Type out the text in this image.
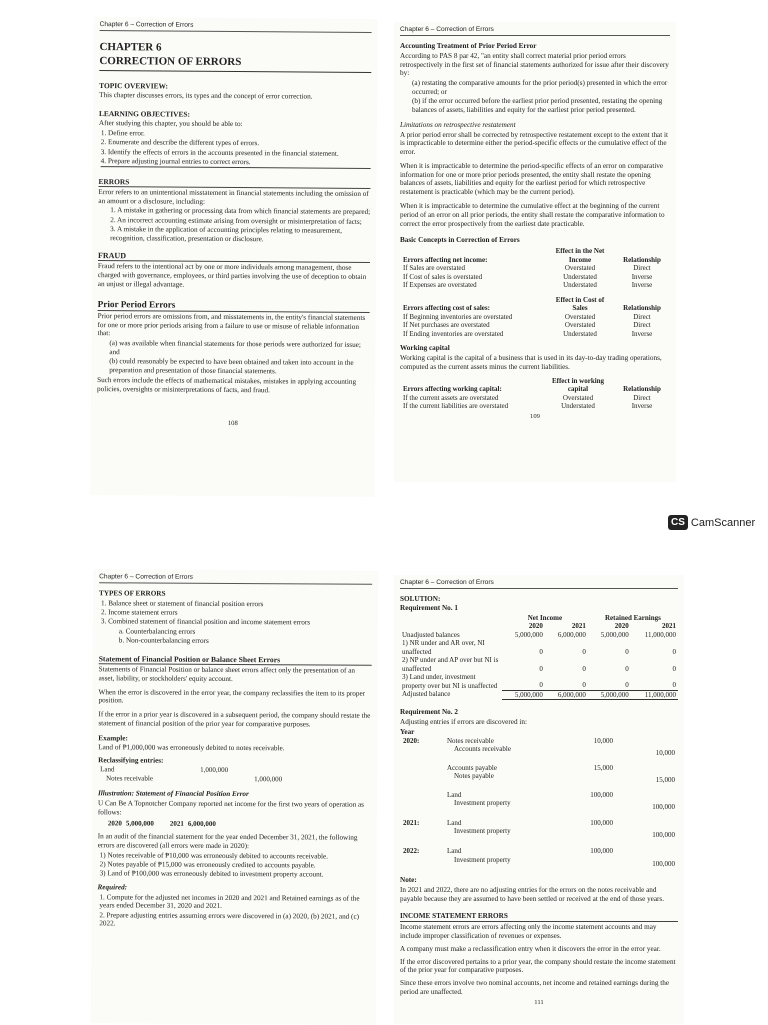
Chapter 6 – Correction of Errors
CHAPTER 6
CORRECTION OF ERRORS
TOPIC OVERVIEW:

This chapter discusses errors, its types and the concept of error correction.

LEARNING OBJECTIVES:

After studying this chapter, you should be able to:

1. Define error.
2. Enumerate and describe the different types of errors.
3. Identify the effects of errors in the accounts presented in the financial statement.
4. Prepare adjusting journal entries to correct errors.
ERRORS

Error refers to an unintentional misstatement in financial statements including the omission of an amount or a disclosure, including:

1. A mistake in gathering or processing data from which financial statements are prepared;
2. An incorrect accounting estimate arising from oversight or misinterpretation of facts;
3. A mistake in the application of accounting principles relating to measurement, recognition, classification, presentation or disclosure.
FRAUD

Fraud refers to the intentional act by one or more individuals among management, those charged with governance, employees, or third parties involving the use of deception to obtain an unjust or illegal advantage.

Prior Period Errors

Prior period errors are omissions from, and misstatements in, the entity's financial statements for one or more prior periods arising from a failure to use or misuse of reliable information that:

(a) was available when financial statements for those periods were authorized for issue; and
(b) could reasonably be expected to have been obtained and taken into account in the preparation and presentation of those financial statements.

Such errors include the effects of mathematical mistakes, mistakes in applying accounting policies, oversights or misinterpretations of facts, and fraud.

108
Chapter 6 – Correction of Errors
Accounting Treatment of Prior Period Error

According to PAS 8 par 42, "an entity shall correct material prior period errors retrospectively in the first set of financial statements authorized for issue after their discovery by:

(a) restating the comparative amounts for the prior period(s) presented in which the error occurred; or
(b) if the error occurred before the earliest prior period presented, restating the opening balances of assets, liabilities and equity for the earliest prior period presented.
Limitations on retrospective restatement

A prior period error shall be corrected by retrospective restatement except to the extent that it is impracticable to determine either the period-specific effects or the cumulative effect of the error.

When it is impracticable to determine the period-specific effects of an error on comparative information for one or more prior periods presented, the entity shall restate the opening balances of assets, liabilities and equity for the earliest period for which retrospective restatement is practicable (which may be the current period).

When it is impracticable to determine the cumulative effect at the beginning of the current period of an error on all prior periods, the entity shall restate the comparative information to correct the error prospectively from the earliest date practicable.

Basic Concepts in Correction of Errors
Errors affecting net income:	Effect in the Net Income	Relationship
If Sales are overstated	Overstated	Direct
If Cost of sales is overstated	Understated	Inverse
If Expenses are overstated	Understated	Inverse
Errors affecting cost of sales:	Effect in Cost of Sales	Relationship
If Beginning inventories are overstated	Overstated	Direct
If Net purchases are overstated	Overstated	Direct
If Ending inventories are overstated	Understated	Inverse
Working capital

Working capital is the capital of a business that is used in its day-to-day trading operations, computed as the current assets minus the current liabilities.

Errors affecting working capital:	Effect in working capital	Relationship
If the current assets are overstated	Overstated	Direct
If the current liabilities are overstated	Understated	Inverse
109
CS CamScanner
Chapter 6 – Correction of Errors
TYPES OF ERRORS
1. Balance sheet or statement of financial position errors
2. Income statement errors
3. Combined statement of financial position and income statement errors
a. Counterbalancing errors
b. Non-counterbalancing errors
Statement of Financial Position or Balance Sheet Errors

Statements of Financial Position or balance sheet errors affect only the presentation of an asset, liability, or stockholders' equity account.

When the error is discovered in the error year, the company reclassifies the item to its proper position.

If the error in a prior year is discovered in a subsequent period, the company should restate the statement of financial position of the prior year for comparative purposes.

Example:

Land of ₱1,000,000 was erroneously debited to notes receivable.

Reclassifying entries:
Land	1,000,000	
Notes receivable		1,000,000
Illustration: Statement of Financial Position Error

U Can Be A Topnotcher Company reported net income for the first two years of operation as follows:

2020	5,000,000	2021	6,000,000

In an audit of the financial statement for the year ended December 31, 2021, the following errors are discovered (all errors were made in 2020):

1) Notes receivable of ₱10,000 was erroneously debited to accounts receivable.
2) Notes payable of ₱15,000 was erroneously credited to accounts payable.
3) Land of ₱100,000 was erroneously debited to investment property account.
Required:
1. Compute for the adjusted net incomes in 2020 and 2021 and Retained earnings as of the years ended December 31, 2020 and 2021.
2. Prepare adjusting entries assuming errors were discovered in (a) 2020, (b) 2021, and (c) 2022.
Chapter 6 – Correction of Errors
SOLUTION:
Requirement No. 1
	Net Income		Retained Earnings	
	2020	2021	2020	2021
Unadjusted balances	5,000,000	6,000,000	5,000,000	11,000,000
1) NR under and AR over, NI unaffected	0	0	0	0
2) NP under and AP over but NI is unaffected	0	0	0	0
3) Land under, investment property over but NI is unaffected	0	0	0	0
Adjusted balance	5,000,000	6,000,000	5,000,000	11,000,000
Requirement No. 2

Adjusting entries if errors are discovered in:

Year
2020:	Notes receivable	10,000	
	Accounts receivable		10,000
	Accounts payable	15,000	
	Notes payable		15,000
	Land	100,000	
	Investment property		100,000
2021:	Land	100,000	
	Investment property		100,000
2022:	Land	100,000	
	Investment property		100,000
Note:

In 2021 and 2022, there are no adjusting entries for the errors on the notes receivable and payable because they are assumed to have been settled or received at the end of those years.

INCOME STATEMENT ERRORS

Income statement errors are errors affecting only the income statement accounts and may include improper classification of revenues or expenses.

A company must make a reclassification entry when it discovers the error in the error year.

If the error discovered pertains to a prior year, the company should restate the income statement of the prior year for comparative purposes.

Since these errors involve two nominal accounts, net income and retained earnings during the period are unaffected.

111
